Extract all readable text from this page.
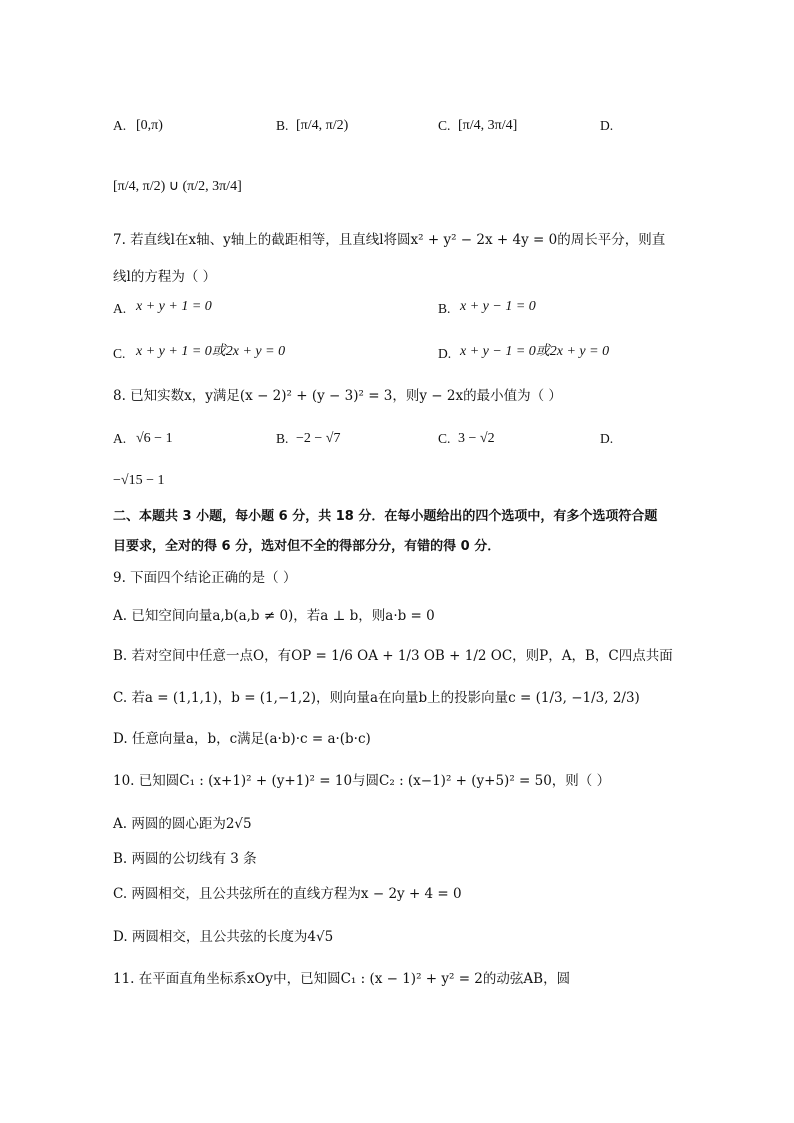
A. [0,π)	B. [π/4, π/2)	C. [π/4, 3π/4]	D.
[π/4, π/2) ∪ (π/2, 3π/4]
7. 若直线l在x轴、y轴上的截距相等，且直线l将圆x² + y² − 2x + 4y = 0的周长平分，则直
线l的方程为（ ）
A. x + y + 1 = 0	B. x + y − 1 = 0
C. x + y + 1 = 0或2x + y = 0	D. x + y − 1 = 0或2x + y = 0
8. 已知实数x，y满足(x − 2)² + (y − 3)² = 3，则y − 2x的最小值为（ ）
A. √6 − 1	B. −2 − √7	C. 3 − √2	D.
−√15 − 1
二、本题共 3 小题，每小题 6 分，共 18 分．在每小题给出的四个选项中，有多个选项符合题
目要求，全对的得 6 分，选对但不全的得部分分，有错的得 0 分．
9. 下面四个结论正确的是（ ）
A. 已知空间向量a,b(a,b ≠ 0)，若a ⊥ b，则a·b = 0
B. 若对空间中任意一点O，有OP = 1/6 OA + 1/3 OB + 1/2 OC，则P，A，B，C四点共面
C. 若a = (1,1,1)，b = (1,−1,2)，则向量a在向量b上的投影向量c = (1/3, −1/3, 2/3)
D. 任意向量a，b，c满足(a·b)·c = a·(b·c)
10. 已知圆C₁ : (x+1)² + (y+1)² = 10与圆C₂ : (x−1)² + (y+5)² = 50，则（ ）
A. 两圆的圆心距为2√5
B. 两圆的公切线有 3 条
C. 两圆相交，且公共弦所在的直线方程为x − 2y + 4 = 0
D. 两圆相交，且公共弦的长度为4√5
11. 在平面直角坐标系xOy中，已知圆C₁ : (x − 1)² + y² = 2的动弦AB，圆
